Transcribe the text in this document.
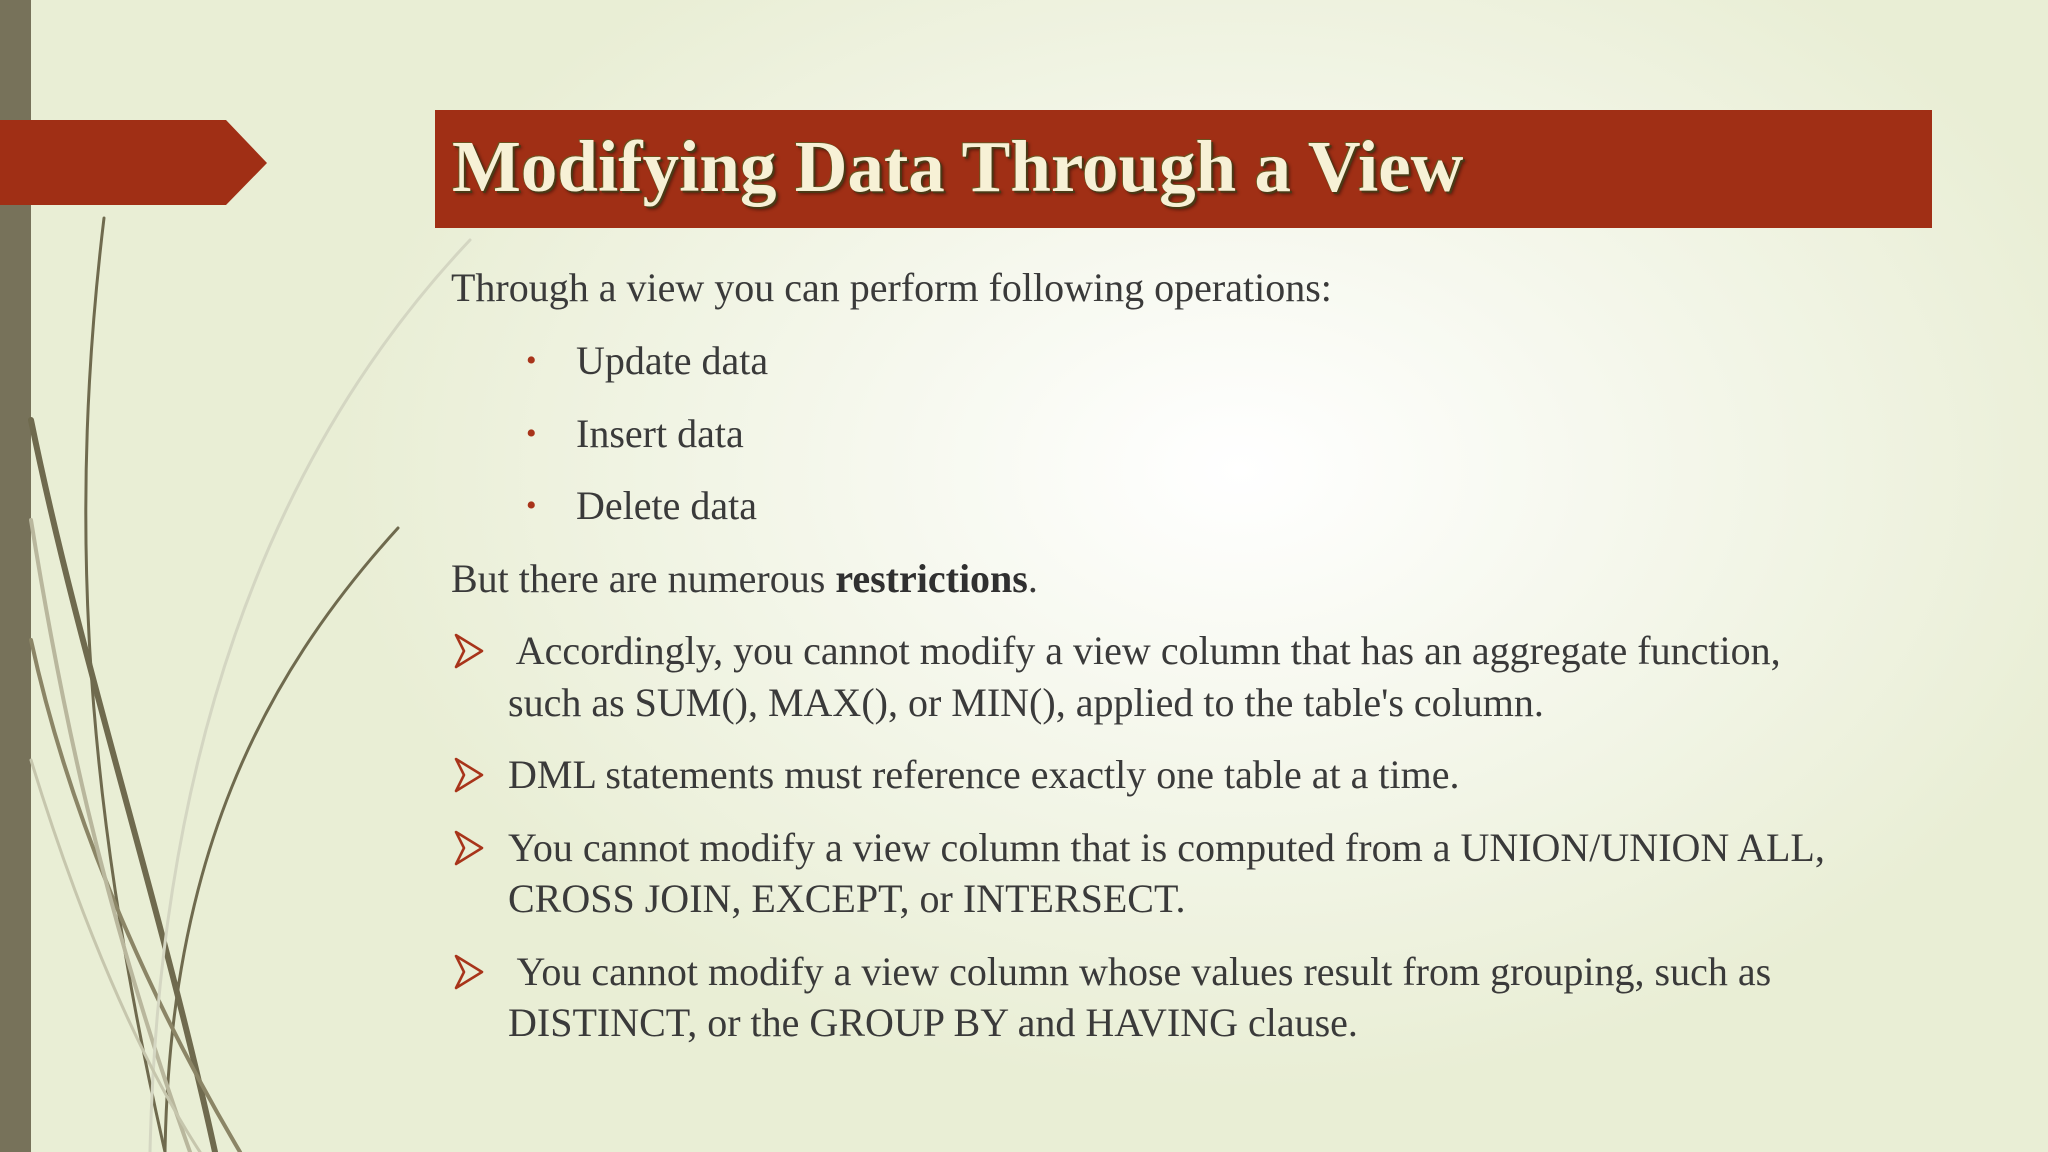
Modifying Data Through a View
Through a view you can perform following operations:
• Update data
• Insert data
• Delete data
But there are numerous restrictions.
Accordingly, you cannot modify a view column that has an aggregate function,
such as SUM(), MAX(), or MIN(), applied to the table's column.
DML statements must reference exactly one table at a time.
You cannot modify a view column that is computed from a UNION/UNION ALL,
CROSS JOIN, EXCEPT, or INTERSECT.
You cannot modify a view column whose values result from grouping, such as
DISTINCT, or the GROUP BY and HAVING clause.
